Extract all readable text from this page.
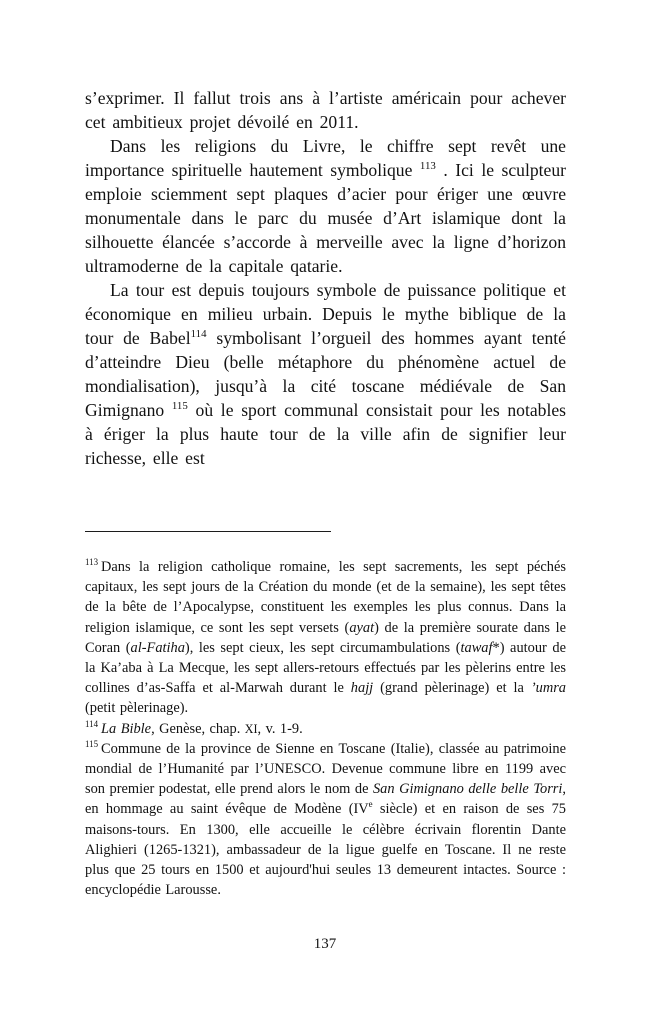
s’exprimer. Il fallut trois ans à l’artiste américain pour achever cet ambitieux projet dévoilé en 2011.

Dans les religions du Livre, le chiffre sept revêt une importance spirituelle hautement symbolique $^{113}$ . Ici le sculpteur emploie sciemment sept plaques d’acier pour ériger une œuvre monumentale dans le parc du musée d’Art islamique dont la silhouette élancée s’accorde à merveille avec la ligne d’horizon ultramoderne de la capitale qatarie.

La tour est depuis toujours symbole de puissance politique et économique en milieu urbain. Depuis le mythe biblique de la tour de Babel$^{114}$ symbolisant l’orgueil des hommes ayant tenté d’atteindre Dieu (belle métaphore du phénomène actuel de mondialisation), jusqu’à la cité toscane médiévale de San Gimignano $^{115}$ où le sport communal consistait pour les notables à ériger la plus haute tour de la ville afin de signifier leur richesse, elle est

$^{113}$ Dans la religion catholique romaine, les sept sacrements, les sept péchés capitaux, les sept jours de la Création du monde (et de la semaine), les sept têtes de la bête de l’Apocalypse, constituent les exemples les plus connus. Dans la religion islamique, ce sont les sept versets (ayat) de la première sourate dans le Coran (al-Fatiha), les sept cieux, les sept circumambulations (tawaf*) autour de la Ka’aba à La Mecque, les sept allers-retours effectués par les pèlerins entre les collines d’as-Saffa et al-Marwah durant le hajj (grand pèlerinage) et la ’umra (petit pèlerinage).

$^{114}$ La Bible, Genèse, chap. XI, v. 1-9.

$^{115}$ Commune de la province de Sienne en Toscane (Italie), classée au patrimoine mondial de l’Humanité par l’UNESCO. Devenue commune libre en 1199 avec son premier podestat, elle prend alors le nom de San Gimignano delle belle Torri, en hommage au saint évêque de Modène (IVe siècle) et en raison de ses 75 maisons-tours. En 1300, elle accueille le célèbre écrivain florentin Dante Alighieri (1265-1321), ambassadeur de la ligue guelfe en Toscane. Il ne reste plus que 25 tours en 1500 et aujourd'hui seules 13 demeurent intactes. Source : encyclopédie Larousse.

137
